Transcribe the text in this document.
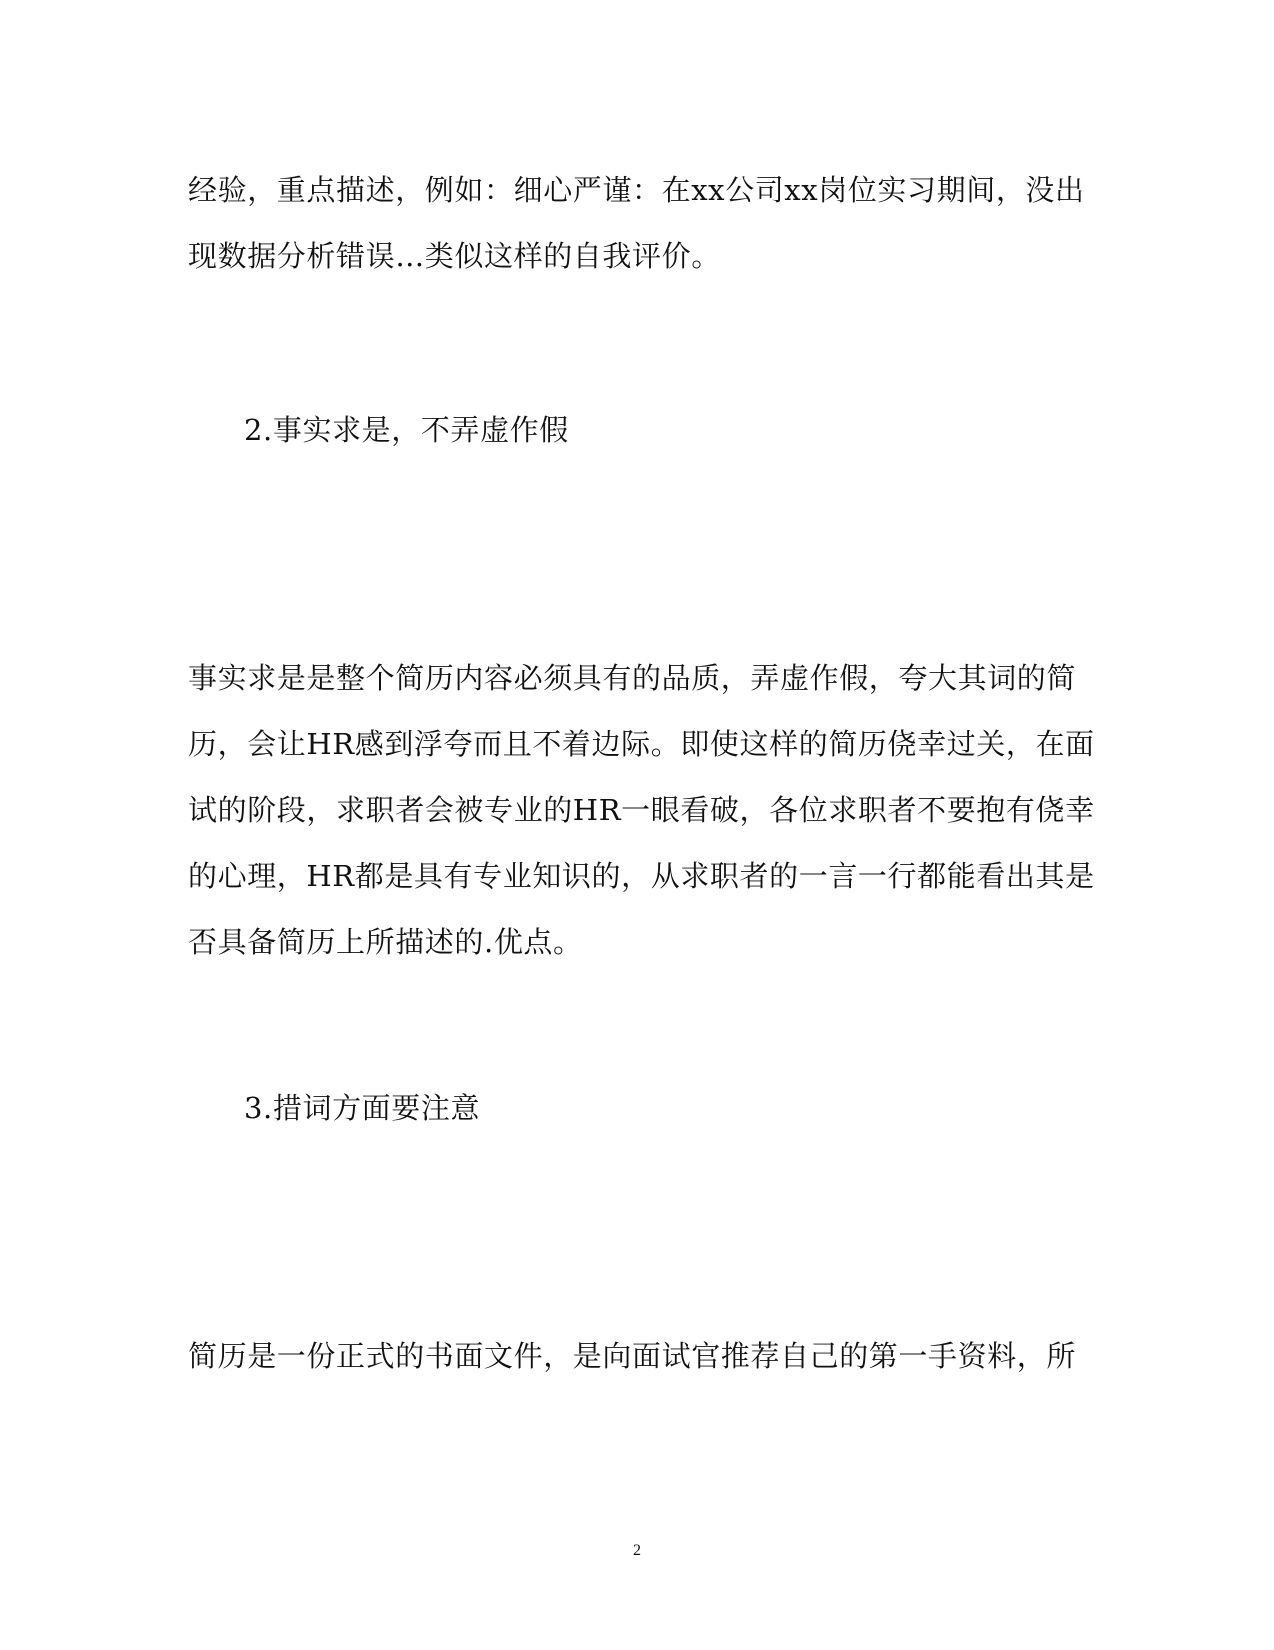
经验，重点描述，例如：细心严谨：在xx公司xx岗位实习期间，没出
现数据分析错误…类似这样的自我评价。

2.事实求是，不弄虚作假

事实求是是整个简历内容必须具有的品质，弄虚作假，夸大其词的简
历，会让HR感到浮夸而且不着边际。即使这样的简历侥幸过关，在面
试的阶段，求职者会被专业的HR一眼看破，各位求职者不要抱有侥幸
的心理，HR都是具有专业知识的，从求职者的一言一行都能看出其是
否具备简历上所描述的.优点。

3.措词方面要注意

简历是一份正式的书面文件，是向面试官推荐自己的第一手资料，所

2
